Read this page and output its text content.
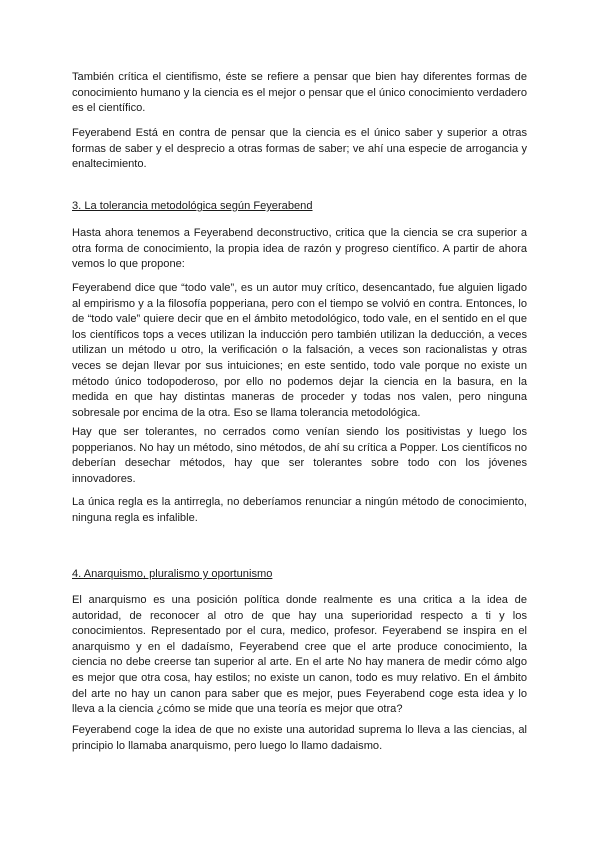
También crítica el cientifismo, éste se refiere a pensar que bien hay diferentes formas de conocimiento humano y la ciencia es el mejor o pensar que el único conocimiento verdadero es el científico.

Feyerabend Está en contra de pensar que la ciencia es el único saber y superior a otras formas de saber y el desprecio a otras formas de saber; ve ahí una especie de arrogancia y enaltecimiento.

3. La tolerancia metodológica según Feyerabend

Hasta ahora tenemos a Feyerabend deconstructivo, critica que la ciencia se cra superior a otra forma de conocimiento, la propia idea de razón y progreso científico. A partir de ahora vemos lo que propone:

Feyerabend dice que “todo vale”, es un autor muy crítico, desencantado, fue alguien ligado al empirismo y a la filosofía popperiana, pero con el tiempo se volvió en contra. Entonces, lo de “todo vale” quiere decir que en el ámbito metodológico, todo vale, en el sentido en el que los científicos tops a veces utilizan la inducción pero también utilizan la deducción, a veces utilizan un método u otro, la verificación o la falsación, a veces son racionalistas y otras veces se dejan llevar por sus intuiciones; en este sentido, todo vale porque no existe un método único todopoderoso, por ello no podemos dejar la ciencia en la basura, en la medida en que hay distintas maneras de proceder y todas nos valen, pero ninguna sobresale por encima de la otra. Eso se llama tolerancia metodológica.

Hay que ser tolerantes, no cerrados como venían siendo los positivistas y luego los popperianos. No hay un método, sino métodos, de ahí su crítica a Popper. Los científicos no deberían desechar métodos, hay que ser tolerantes sobre todo con los jóvenes innovadores.

La única regla es la antirregla, no deberíamos renunciar a ningún método de conocimiento, ninguna regla es infalible.

4. Anarquismo, pluralismo y oportunismo

El anarquismo es una posición política donde realmente es una critica a la idea de autoridad, de reconocer al otro de que hay una superioridad respecto a ti y los conocimientos. Representado por el cura, medico, profesor. Feyerabend se inspira en el anarquismo y en el dadaísmo, Feyerabend cree que el arte produce conocimiento, la ciencia no debe creerse tan superior al arte. En el arte No hay manera de medir cómo algo es mejor que otra cosa, hay estilos; no existe un canon, todo es muy relativo. En el ámbito del arte no hay un canon para saber que es mejor, pues Feyerabend coge esta idea y lo lleva a la ciencia ¿cómo se mide que una teoría es mejor que otra?

Feyerabend coge la idea de que no existe una autoridad suprema lo lleva a las ciencias, al principio lo llamaba anarquismo, pero luego lo llamo dadaismo.
